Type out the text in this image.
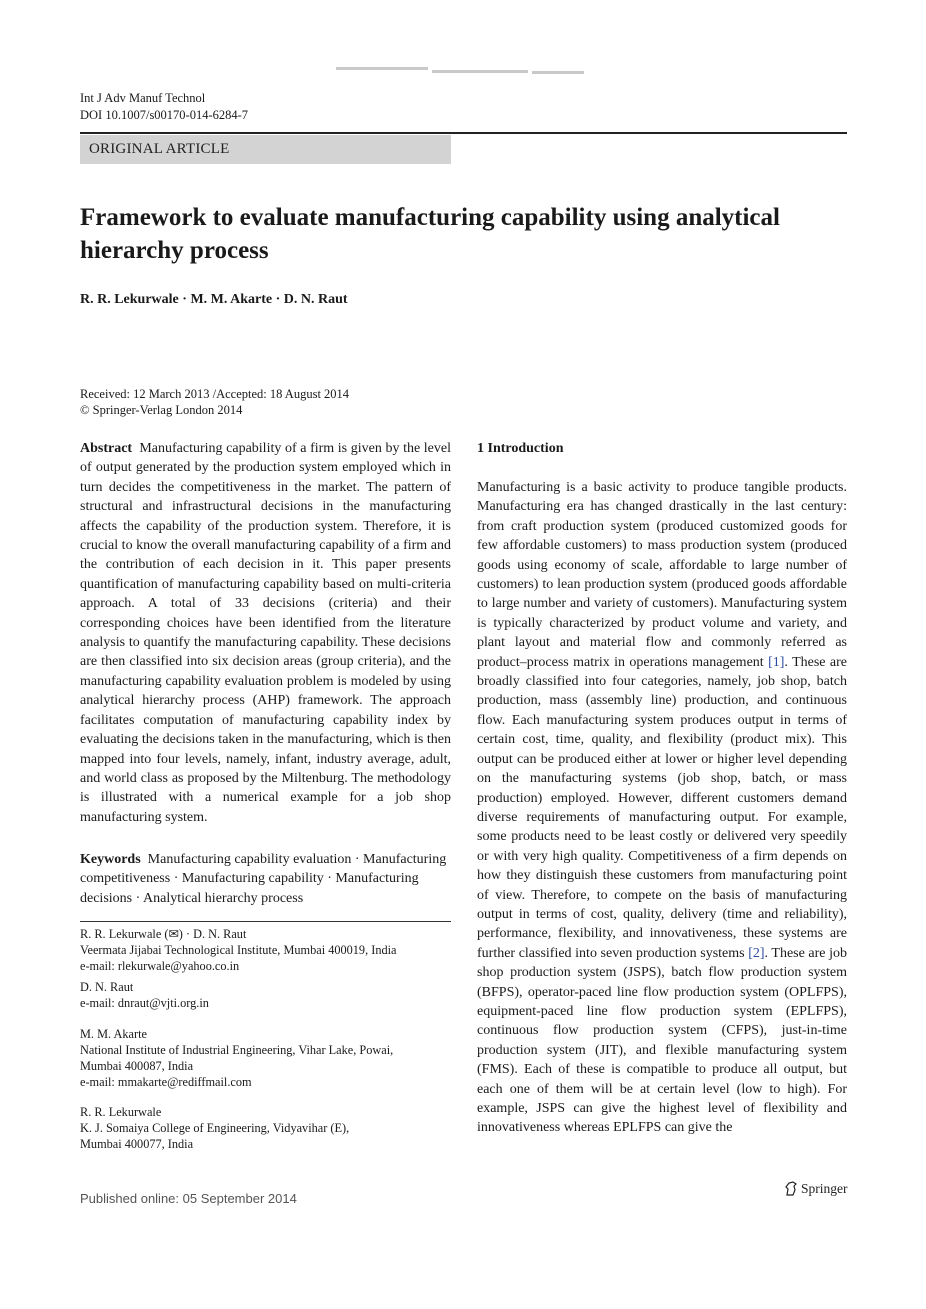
Int J Adv Manuf Technol
DOI 10.1007/s00170-014-6284-7
ORIGINAL ARTICLE
Framework to evaluate manufacturing capability using analytical hierarchy process
R. R. Lekurwale · M. M. Akarte · D. N. Raut
Received: 12 March 2013 /Accepted: 18 August 2014
© Springer-Verlag London 2014
Abstract Manufacturing capability of a firm is given by the level of output generated by the production system employed which in turn decides the competitiveness in the market. The pattern of structural and infrastructural decisions in the manufacturing affects the capability of the production system. Therefore, it is crucial to know the overall manufacturing capability of a firm and the contribution of each decision in it. This paper presents quantification of manufacturing capability based on multi-criteria approach. A total of 33 decisions (criteria) and their corresponding choices have been identified from the literature analysis to quantify the manufacturing capability. These decisions are then classified into six decision areas (group criteria), and the manufacturing capability evaluation problem is modeled by using analytical hierarchy process (AHP) framework. The approach facilitates computation of manufacturing capability index by evaluating the decisions taken in the manufacturing, which is then mapped into four levels, namely, infant, industry average, adult, and world class as proposed by the Miltenburg. The methodology is illustrated with a numerical example for a job shop manufacturing system.
Keywords Manufacturing capability evaluation · Manufacturing competitiveness · Manufacturing capability · Manufacturing decisions · Analytical hierarchy process
R. R. Lekurwale (✉) · D. N. Raut
Veermata Jijabai Technological Institute, Mumbai 400019, India
e-mail: rlekurwale@yahoo.co.in
D. N. Raut
e-mail: dnraut@vjti.org.in
M. M. Akarte
National Institute of Industrial Engineering, Vihar Lake, Powai,
Mumbai 400087, India
e-mail: mmakarte@rediffmail.com
R. R. Lekurwale
K. J. Somaiya College of Engineering, Vidyavihar (E),
Mumbai 400077, India
1 Introduction
Manufacturing is a basic activity to produce tangible products. Manufacturing era has changed drastically in the last century: from craft production system (produced customized goods for few affordable customers) to mass production system (produced goods using economy of scale, affordable to large number of customers) to lean production system (produced goods affordable to large number and variety of customers). Manufacturing system is typically characterized by product volume and variety, and plant layout and material flow and commonly referred as product–process matrix in operations management [1]. These are broadly classified into four categories, namely, job shop, batch production, mass (assembly line) production, and continuous flow. Each manufacturing system produces output in terms of certain cost, time, quality, and flexibility (product mix). This output can be produced either at lower or higher level depending on the manufacturing systems (job shop, batch, or mass production) employed. However, different customers demand diverse requirements of manufacturing output. For example, some products need to be least costly or delivered very speedily or with very high quality. Competitiveness of a firm depends on how they distinguish these customers from manufacturing point of view. Therefore, to compete on the basis of manufacturing output in terms of cost, quality, delivery (time and reliability), performance, flexibility, and innovativeness, these systems are further classified into seven production systems [2]. These are job shop production system (JSPS), batch flow production system (BFPS), operator-paced line flow production system (OPLFPS), equipment-paced line flow production system (EPLFPS), continuous flow production system (CFPS), just-in-time production system (JIT), and flexible manufacturing system (FMS). Each of these is compatible to produce all output, but each one of them will be at certain level (low to high). For example, JSPS can give the highest level of flexibility and innovativeness whereas EPLFPS can give the
Published online: 05 September 2014
Springer
